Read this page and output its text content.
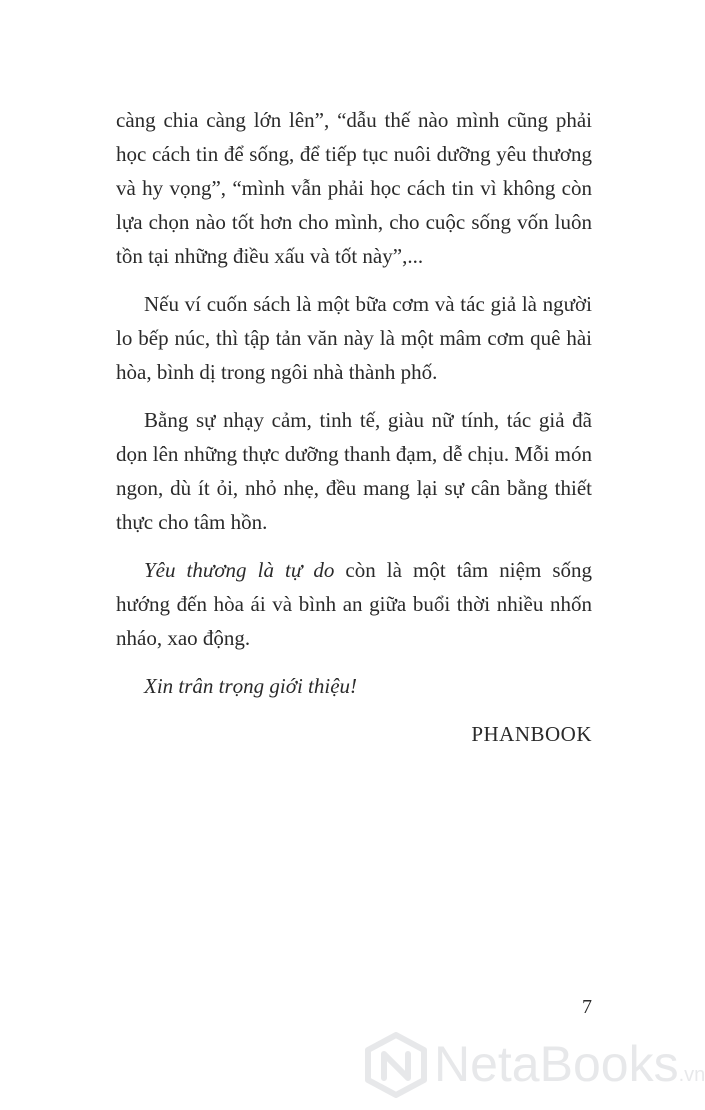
càng chia càng lớn lên”, “dẫu thế nào mình cũng phải học cách tin để sống, để tiếp tục nuôi dưỡng yêu thương và hy vọng”, “mình vẫn phải học cách tin vì không còn lựa chọn nào tốt hơn cho mình, cho cuộc sống vốn luôn tồn tại những điều xấu và tốt này”,...

Nếu ví cuốn sách là một bữa cơm và tác giả là người lo bếp núc, thì tập tản văn này là một mâm cơm quê hài hòa, bình dị trong ngôi nhà thành phố.

Bằng sự nhạy cảm, tinh tế, giàu nữ tính, tác giả đã dọn lên những thực dưỡng thanh đạm, dễ chịu. Mỗi món ngon, dù ít ỏi, nhỏ nhẹ, đều mang lại sự cân bằng thiết thực cho tâm hồn.

Yêu thương là tự do còn là một tâm niệm sống hướng đến hòa ái và bình an giữa buổi thời nhiều nhốn nháo, xao động.

Xin trân trọng giới thiệu!

PHANBOOK

7
NetaBooks.vn
